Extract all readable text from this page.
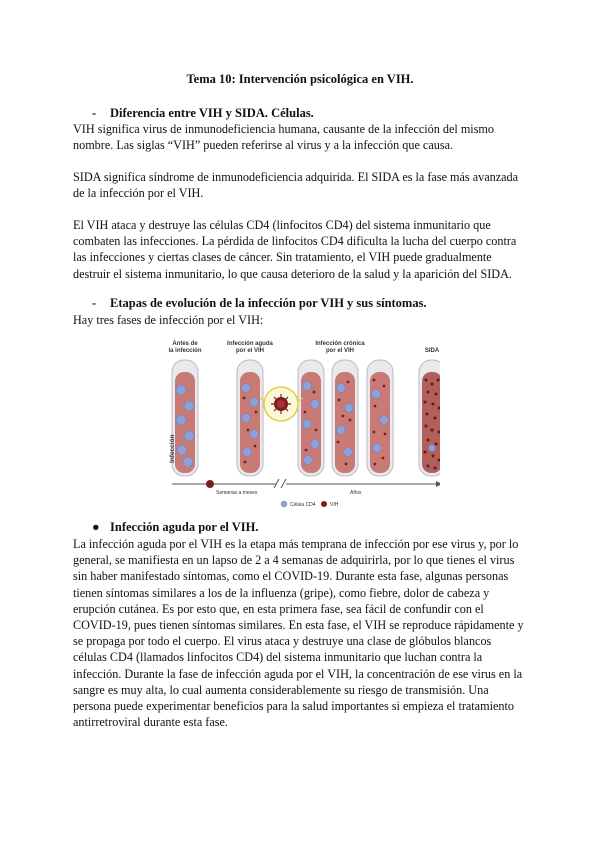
Tema 10: Intervención psicológica en VIH.
- Diferencia entre VIH y SIDA. Células.

VIH significa virus de inmunodeficiencia humana, causante de la infección del mismo nombre. Las siglas “VIH” pueden referirse al virus y a la infección que causa.

SIDA significa síndrome de inmunodeficiencia adquirida. El SIDA es la fase más avanzada de la infección por el VIH.

El VIH ataca y destruye las células CD4 (linfocitos CD4) del sistema inmunitario que combaten las infecciones. La pérdida de linfocitos CD4 dificulta la lucha del cuerpo contra las infecciones y ciertas clases de cáncer. Sin tratamiento, el VIH puede gradualmente destruir el sistema inmunitario, lo que causa deterioro de la salud y la aparición del SIDA.

- Etapas de evolución de la infección por VIH y sus síntomas.

Hay tres fases de infección por el VIH:

Antes de
la infección
Infección aguda
por el VIH
Infección crónica
por el VIH	SIDA
Infección
Semanas a meses	Años
Célula CD4	VIH
● Infección aguda por el VIH.

La infección aguda por el VIH es la etapa más temprana de infección por ese virus y, por lo general, se manifiesta en un lapso de 2 a 4 semanas de adquirirla, por lo que tienes el virus sin haber manifestado síntomas, como el COVID-19. Durante esta fase, algunas personas tienen síntomas similares a los de la influenza (gripe), como fiebre, dolor de cabeza y erupción cutánea. Es por esto que, en esta primera fase, sea fácil de confundir con el COVID-19, pues tienen síntomas similares. En esta fase, el VIH se reproduce rápidamente y se propaga por todo el cuerpo. El virus ataca y destruye una clase de glóbulos blancos células CD4 (llamados linfocitos CD4) del sistema inmunitario que luchan contra la infección. Durante la fase de infección aguda por el VIH, la concentración de ese virus en la sangre es muy alta, lo cual aumenta considerablemente su riesgo de transmisión. Una persona puede experimentar beneficios para la salud importantes si empieza el tratamiento antirretroviral durante esta fase.
